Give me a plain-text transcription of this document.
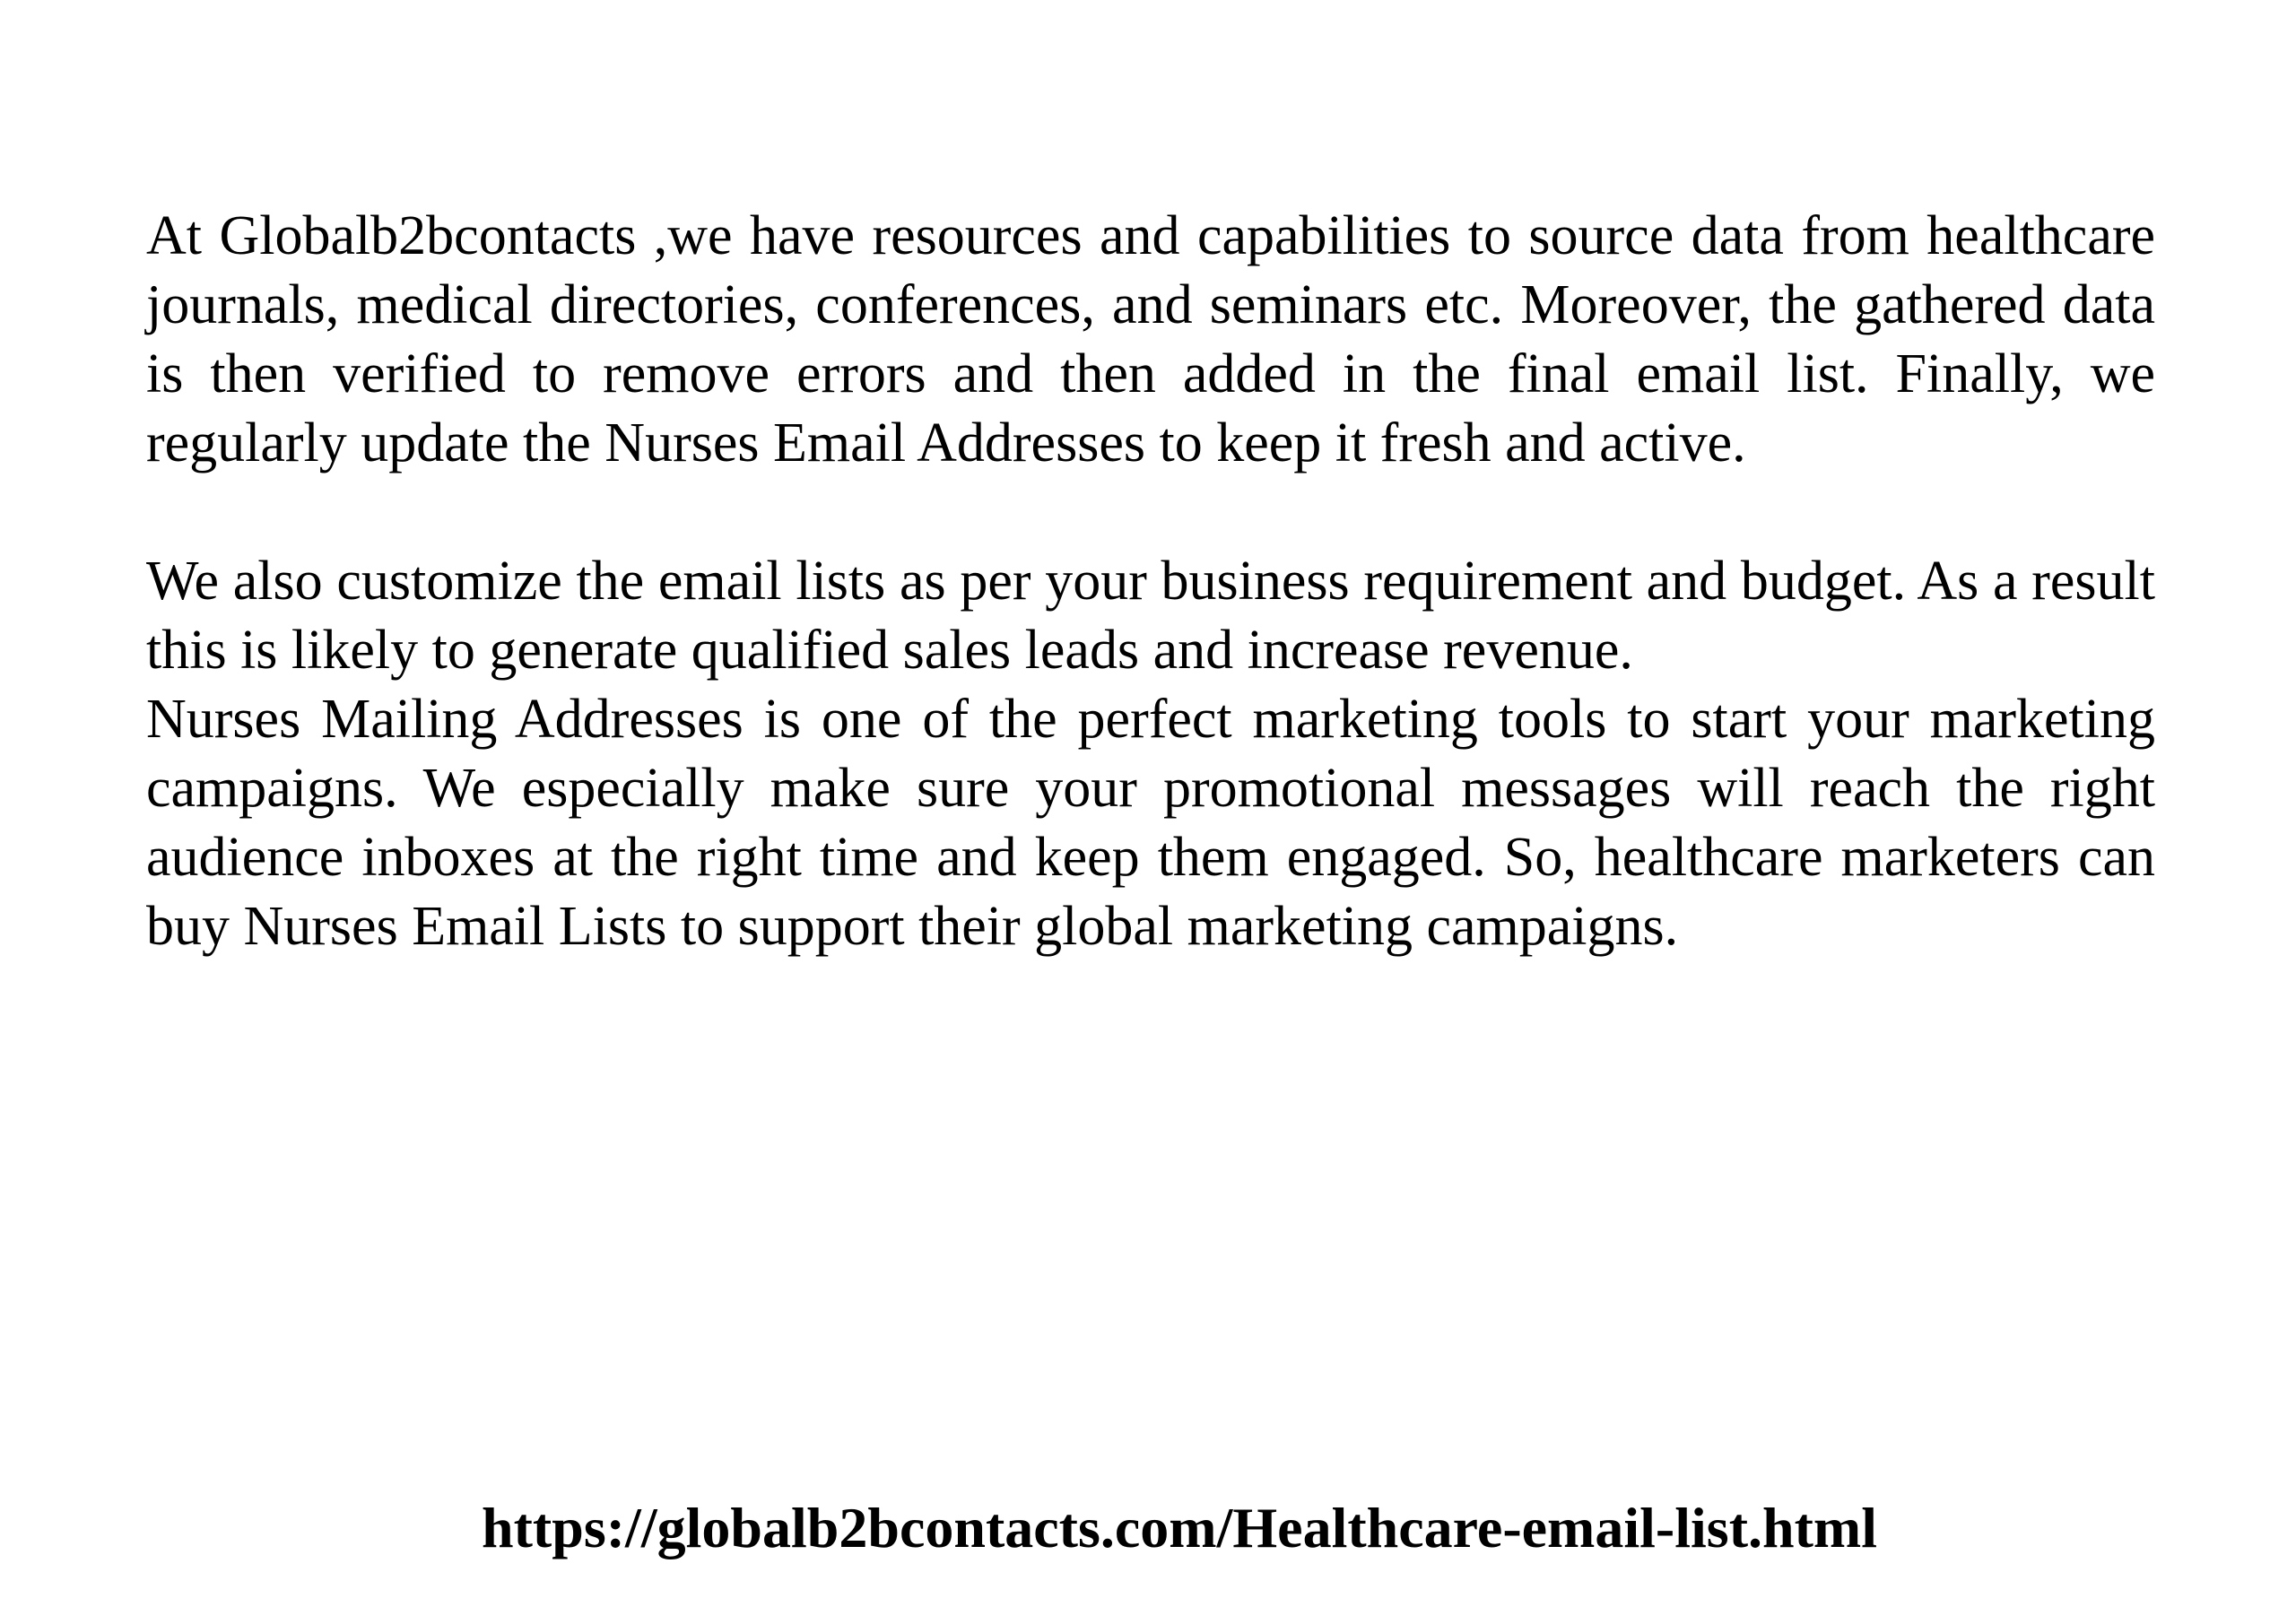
At Globalb2bcontacts ,we have resources and capabilities to source data from healthcare journals, medical directories, conferences, and seminars etc. Moreover, the gathered data is then verified to remove errors and then added in the final email list. Finally, we regularly update the Nurses Email Addresses to keep it fresh and active.

We also customize the email lists as per your business requirement and budget. As a result this is likely to generate qualified sales leads and increase revenue.

Nurses Mailing Addresses is one of the perfect marketing tools to start your marketing campaigns. We especially make sure your promotional messages will reach the right audience inboxes at the right time and keep them engaged. So, healthcare marketers can buy Nurses Email Lists to support their global marketing campaigns.

https://globalb2bcontacts.com/Healthcare-email-list.html
